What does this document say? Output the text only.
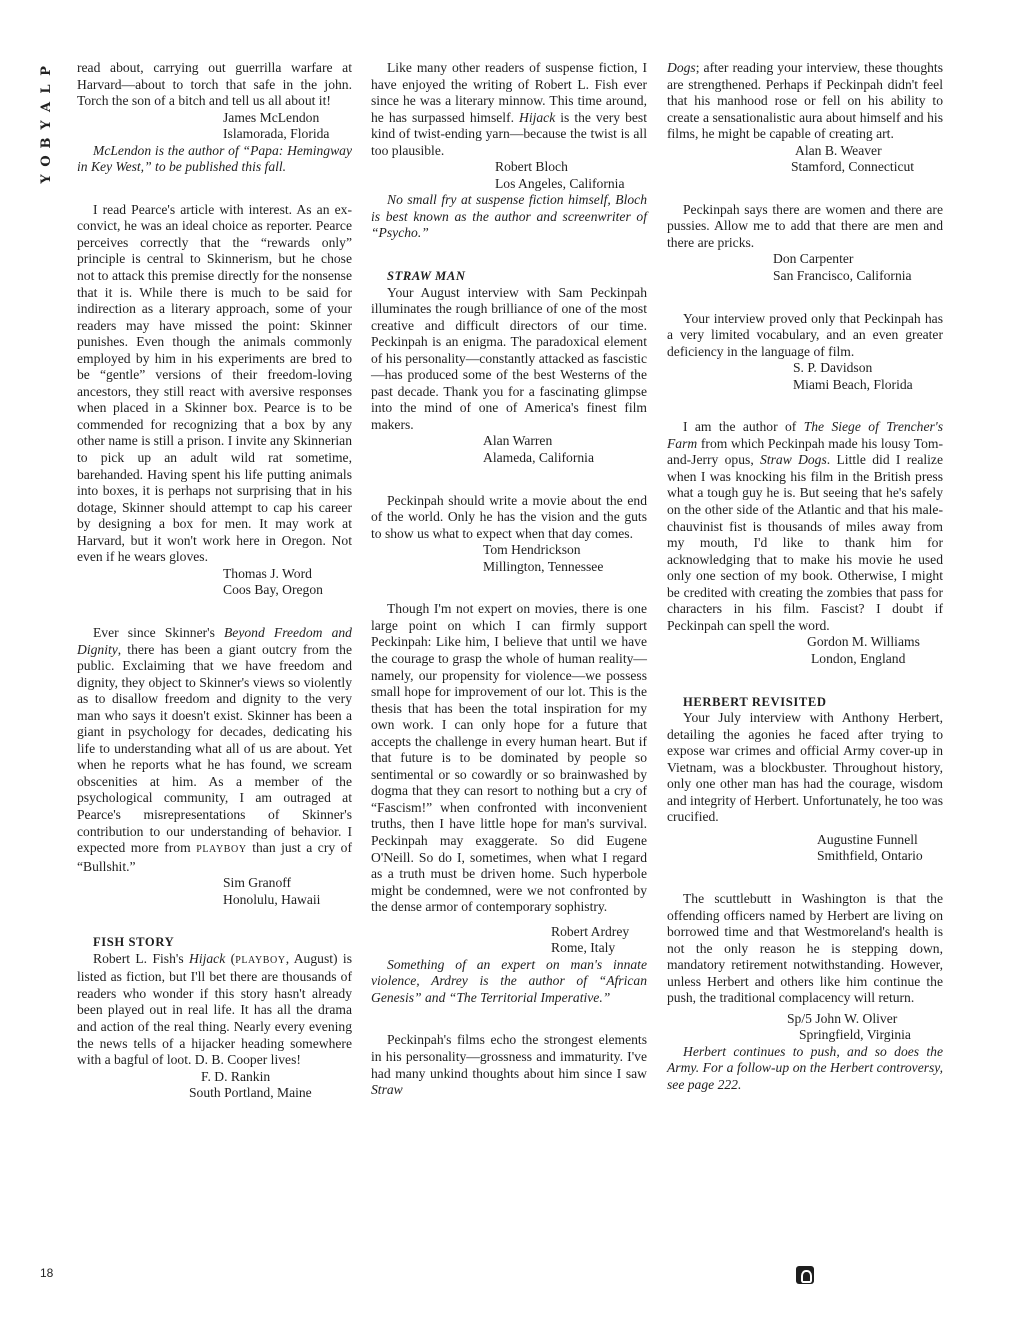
P
L
A
Y
B
O
Y

read about, carrying out guerrilla warfare at Harvard—about to torch that safe in the john. Torch the son of a bitch and tell us all about it!

James McLendon
Islamorada, Florida

McLendon is the author of “Papa: Hemingway in Key West,” to be published this fall.

I read Pearce's article with interest. As an ex-convict, he was an ideal choice as reporter. Pearce perceives correctly that the “rewards only” principle is central to Skinnerism, but he chose not to attack this premise directly for the nonsense that it is. While there is much to be said for indirection as a literary approach, some of your readers may have missed the point: Skinner punishes. Even though the animals commonly employed by him in his experiments are bred to be “gentle” versions of their freedom-loving ancestors, they still react with aversive responses when placed in a Skinner box. Pearce is to be commended for recognizing that a box by any other name is still a prison. I invite any Skinnerian to pick up an adult wild rat sometime, barehanded. Having spent his life putting animals into boxes, it is perhaps not surprising that in his dotage, Skinner should attempt to cap his career by designing a box for men. It may work at Harvard, but it won't work here in Oregon. Not even if he wears gloves.

Thomas J. Word
Coos Bay, Oregon

Ever since Skinner's Beyond Freedom and Dignity, there has been a giant outcry from the public. Exclaiming that we have freedom and dignity, they object to Skinner's views so violently as to disallow freedom and dignity to the very man who says it doesn't exist. Skinner has been a giant in psychology for decades, dedicating his life to understanding what all of us are about. Yet when he reports what he has found, we scream obscenities at him. As a member of the psychological community, I am outraged at Pearce's misrepresentations of Skinner's contribution to our understanding of behavior. I expected more from PLAYBOY than just a cry of “Bullshit.”

Sim Granoff
Honolulu, Hawaii

FISH STORY

Robert L. Fish's Hijack (PLAYBOY, August) is listed as fiction, but I'll bet there are thousands of readers who wonder if this story hasn't already been played out in real life. It has all the drama and action of the real thing. Nearly every evening the news tells of a hijacker heading somewhere with a bagful of loot. D. B. Cooper lives!

F. D. Rankin
South Portland, Maine

Like many other readers of suspense fiction, I have enjoyed the writing of Robert L. Fish ever since he was a literary minnow. This time around, he has surpassed himself. Hijack is the very best kind of twist-ending yarn—because the twist is all too plausible.

Robert Bloch
Los Angeles, California

No small fry at suspense fiction himself, Bloch is best known as the author and screenwriter of “Psycho.”

STRAW MAN

Your August interview with Sam Peckinpah illuminates the rough brilliance of one of the most creative and difficult directors of our time. Peckinpah is an enigma. The paradoxical element of his personality—constantly attacked as fascistic—has produced some of the best Westerns of the past decade. Thank you for a fascinating glimpse into the mind of one of America's finest film makers.

Alan Warren
Alameda, California

Peckinpah should write a movie about the end of the world. Only he has the vision and the guts to show us what to expect when that day comes.

Tom Hendrickson
Millington, Tennessee

Though I'm not expert on movies, there is one large point on which I can firmly support Peckinpah: Like him, I believe that until we have the courage to grasp the whole of human reality—namely, our propensity for violence—we possess small hope for improvement of our lot. This is the thesis that has been the total inspiration for my own work. I can only hope for a future that accepts the challenge in every human heart. But if that future is to be dominated by people so sentimental or so cowardly or so brainwashed by dogma that they can resort to nothing but a cry of “Fascism!” when confronted with inconvenient truths, then I have little hope for man's survival. Peckinpah may exaggerate. So did Eugene O'Neill. So do I, sometimes, when what I regard as a truth must be driven home. Such hyperbole might be condemned, were we not confronted by the dense armor of contemporary sophistry.

Robert Ardrey
Rome, Italy

Something of an expert on man's innate violence, Ardrey is the author of “African Genesis” and “The Territorial Imperative.”

Peckinpah's films echo the strongest elements in his personality—grossness and immaturity. I've had many unkind thoughts about him since I saw Straw

Dogs; after reading your interview, these thoughts are strengthened. Perhaps if Peckinpah didn't feel that his manhood rose or fell on his ability to create a sensationalistic aura about himself and his films, he might be capable of creating art.

Alan B. Weaver
Stamford, Connecticut

Peckinpah says there are women and there are pussies. Allow me to add that there are men and there are pricks.

Don Carpenter
San Francisco, California

Your interview proved only that Peckinpah has a very limited vocabulary, and an even greater deficiency in the language of film.

S. P. Davidson
Miami Beach, Florida

I am the author of The Siege of Trencher's Farm from which Peckinpah made his lousy Tom-and-Jerry opus, Straw Dogs. Little did I realize when I was knocking his film in the British press what a tough guy he is. But seeing that he's safely on the other side of the Atlantic and that his male-chauvinist fist is thousands of miles away from my mouth, I'd like to thank him for acknowledging that to make his movie he used only one section of my book. Otherwise, I might be credited with creating the zombies that pass for characters in his film. Fascist? I doubt if Peckinpah can spell the word.

Gordon M. Williams
London, England

HERBERT REVISITED

Your July interview with Anthony Herbert, detailing the agonies he faced after trying to expose war crimes and official Army cover-up in Vietnam, was a blockbuster. Throughout history, only one other man has had the courage, wisdom and integrity of Herbert. Unfortunately, he too was crucified.

Augustine Funnell
Smithfield, Ontario

The scuttlebutt in Washington is that the offending officers named by Herbert are living on borrowed time and that Westmoreland's health is not the only reason he is stepping down, mandatory retirement notwithstanding. However, unless Herbert and others like him continue the push, the traditional complacency will return.

Sp/5 John W. Oliver
Springfield, Virginia

Herbert continues to push, and so does the Army. For a follow-up on the Herbert controversy, see page 222.

18
